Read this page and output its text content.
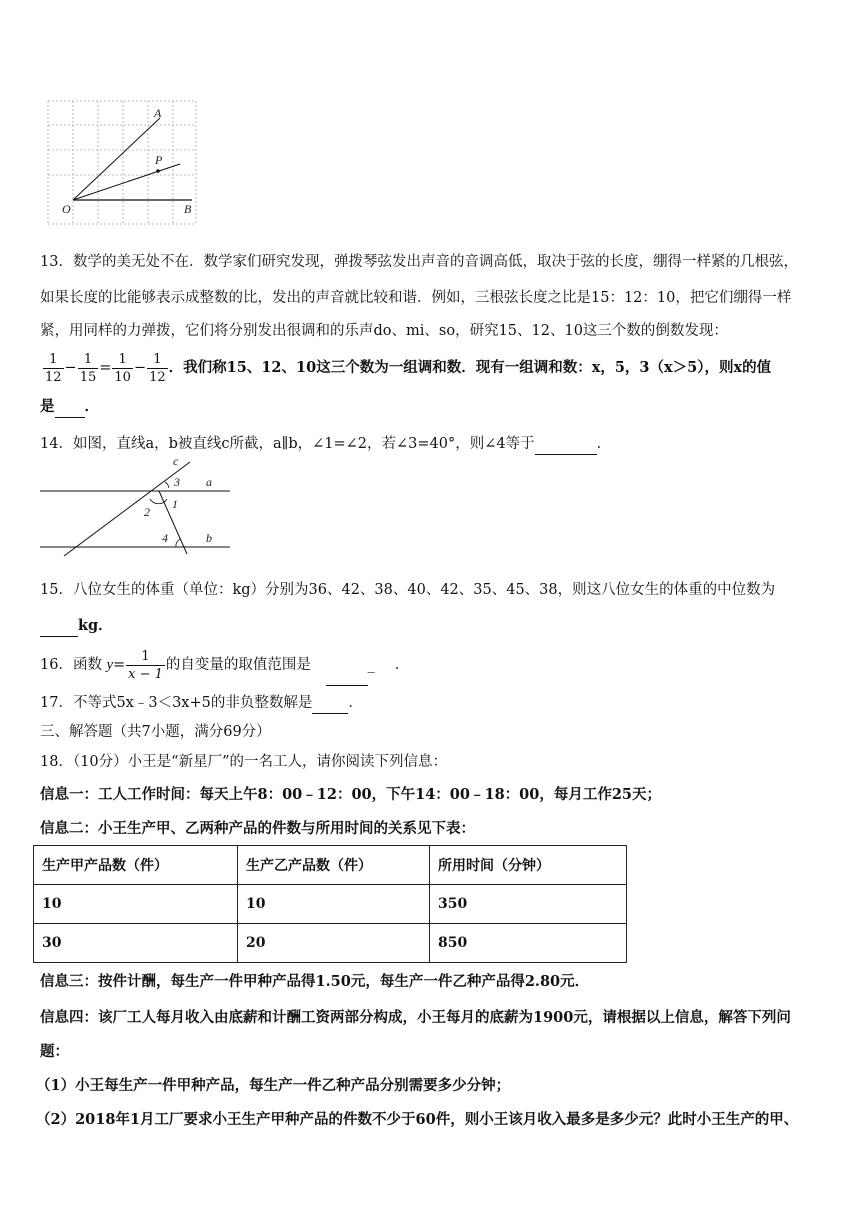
A
P
O	B
13．数学的美无处不在．数学家们研究发现，弹拨琴弦发出声音的音调高低，取决于弦的长度，绷得一样紧的几根弦，
如果长度的比能够表示成整数的比，发出的声音就比较和谐．例如，三根弦长度之比是15：12：10，把它们绷得一样
紧，用同样的力弹拨，它们将分别发出很调和的乐声do、mi、so，研究15、12、10这三个数的倒数发现：
$\frac{1}{12} - \frac{1}{15} = \frac{1}{10} - \frac{1}{12}$ ．我们称15、12、10这三个数为一组调和数．现有一组调和数：x，5，3（x＞5），则x的值
是 ．
14．如图，直线a，b被直线c所截，a∥b，∠1=∠2，若∠3=40°，则∠4等于	．
c
3 a
2
1
4	b
15．八位女生的体重（单位：kg）分别为36、42、38、40、42、35、45、38，则这八位女生的体重的中位数为
kg．
16．函数 $y= \frac{1}{x - 1}$ 的自变量的取值范围是	_ ．
17．不等式5x﹣3＜3x+5的非负整数解是 ．
三、解答题（共7小题，满分69分）
18．（10分）小王是“新星厂”的一名工人，请你阅读下列信息：
信息一：工人工作时间：每天上午8：00﹣12：00，下午14：00﹣18：00，每月工作25天；
信息二：小王生产甲、乙两种产品的件数与所用时间的关系见下表：
生产甲产品数（件）	生产乙产品数（件）	所用时间（分钟）
10	10	350
30	20	850
信息三：按件计酬，每生产一件甲种产品得1.50元，每生产一件乙种产品得2.80元．
信息四：该厂工人每月收入由底薪和计酬工资两部分构成，小王每月的底薪为1900元，请根据以上信息，解答下列问
题：
（1）小王每生产一件甲种产品，每生产一件乙种产品分别需要多少分钟；
（2）2018年1月工厂要求小王生产甲种产品的件数不少于60件，则小王该月收入最多是多少元？此时小王生产的甲、
